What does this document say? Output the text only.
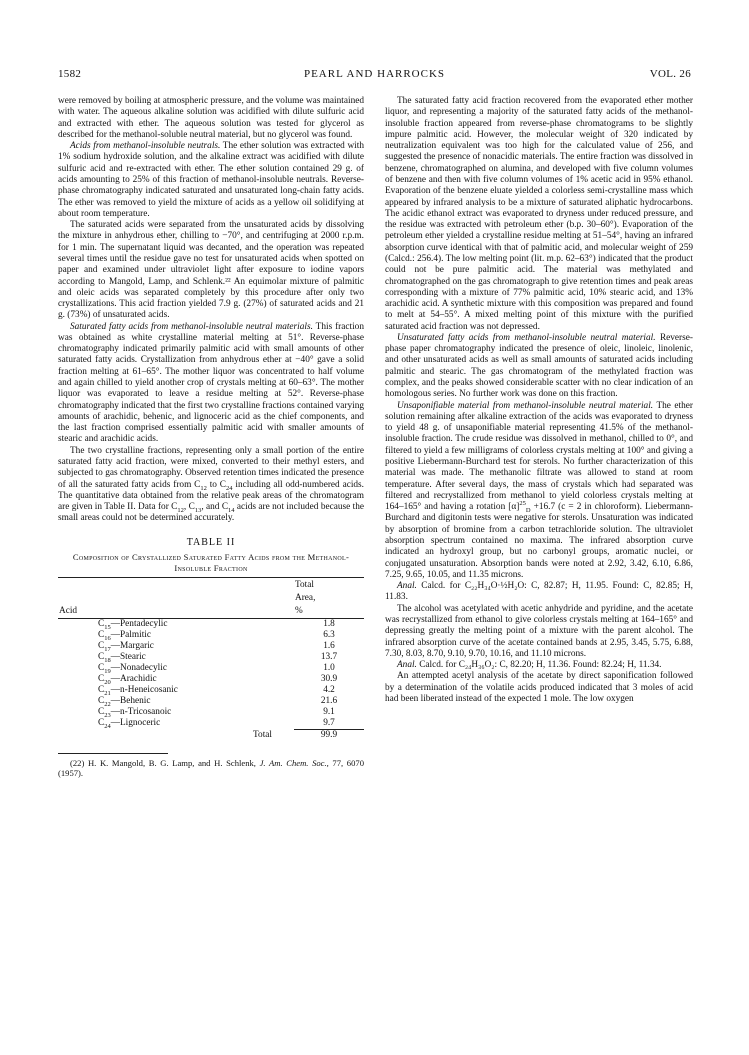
1582	PEARL AND HARROCKS	VOL. 26

were removed by boiling at atmospheric pressure, and the volume was maintained with water. The aqueous alkaline solution was acidified with dilute sulfuric acid and extracted with ether. The aqueous solution was tested for glycerol as described for the methanol-soluble neutral material, but no glycerol was found.

Acids from methanol-insoluble neutrals. The ether solution was extracted with 1% sodium hydroxide solution, and the alkaline extract was acidified with dilute sulfuric acid and re-extracted with ether. The ether solution contained 29 g. of acids amounting to 25% of this fraction of methanol-insoluble neutrals. Reverse-phase chromatography indicated saturated and unsaturated long-chain fatty acids. The ether was removed to yield the mixture of acids as a yellow oil solidifying at about room temperature.

The saturated acids were separated from the unsaturated acids by dissolving the mixture in anhydrous ether, chilling to −70°, and centrifuging at 2000 r.p.m. for 1 min. The supernatant liquid was decanted, and the operation was repeated several times until the residue gave no test for unsaturated acids when spotted on paper and examined under ultraviolet light after exposure to iodine vapors according to Mangold, Lamp, and Schlenk.²² An equimolar mixture of palmitic and oleic acids was separated completely by this procedure after only two crystallizations. This acid fraction yielded 7.9 g. (27%) of saturated acids and 21 g. (73%) of unsaturated acids.

Saturated fatty acids from methanol-insoluble neutral materials. This fraction was obtained as white crystalline material melting at 51°. Reverse-phase chromatography indicated primarily palmitic acid with small amounts of other saturated fatty acids. Crystallization from anhydrous ether at −40° gave a solid fraction melting at 61–65°. The mother liquor was concentrated to half volume and again chilled to yield another crop of crystals melting at 60–63°. The mother liquor was evaporated to leave a residue melting at 52°. Reverse-phase chromatography indicated that the first two crystalline fractions contained varying amounts of arachidic, behenic, and lignoceric acid as the chief components, and the last fraction comprised essentially palmitic acid with smaller amounts of stearic and arachidic acids.

The two crystalline fractions, representing only a small portion of the entire saturated fatty acid fraction, were mixed, converted to their methyl esters, and subjected to gas chromatography. Observed retention times indicated the presence of all the saturated fatty acids from $C_{12}$ to $C_{24}$ including all odd-numbered acids. The quantitative data obtained from the relative peak areas of the chromatogram are given in Table II. Data for $C_{12}$, $C_{13}$, and $C_{14}$ acids are not included because the small areas could not be determined accurately.

TABLE II
Composition of Crystallized Saturated Fatty Acids from the Methanol-Insoluble Fraction
	Total
	Area,
Acid	%
$C_{15}—Pentadecylic$	1.8
$C_{16}—Palmitic$	6.3
$C_{17}—Margaric$	1.6
$C_{18}—Stearic$	13.7
$C_{19}—Nonadecylic$	1.0
$C_{20}—Arachidic$	30.9
$C_{21}—n$-Heneicosanic	4.2
$C_{22}—Behenic$	21.6
$C_{23}—n$-Tricosanoic	9.1
$C_{24}—Lignoceric$	9.7
Total	99.9
(22) H. K. Mangold, B. G. Lamp, and H. Schlenk, J. Am. Chem. Soc., 77, 6070 (1957).

The saturated fatty acid fraction recovered from the evaporated ether mother liquor, and representing a majority of the saturated fatty acids of the methanol-insoluble fraction appeared from reverse-phase chromatograms to be slightly impure palmitic acid. However, the molecular weight of 320 indicated by neutralization equivalent was too high for the calculated value of 256, and suggested the presence of nonacidic materials. The entire fraction was dissolved in benzene, chromatographed on alumina, and developed with five column volumes of benzene and then with five column volumes of 1% acetic acid in 95% ethanol. Evaporation of the benzene eluate yielded a colorless semi-crystalline mass which appeared by infrared analysis to be a mixture of saturated aliphatic hydrocarbons. The acidic ethanol extract was evaporated to dryness under reduced pressure, and the residue was extracted with petroleum ether (b.p. 30–60°). Evaporation of the petroleum ether yielded a crystalline residue melting at 51–54°, having an infrared absorption curve identical with that of palmitic acid, and molecular weight of 259 (Calcd.: 256.4). The low melting point (lit. m.p. 62–63°) indicated that the product could not be pure palmitic acid. The material was methylated and chromatographed on the gas chromatograph to give retention times and peak areas corresponding with a mixture of 77% palmitic acid, 10% stearic acid, and 13% arachidic acid. A synthetic mixture with this composition was prepared and found to melt at 54–55°. A mixed melting point of this mixture with the purified saturated acid fraction was not depressed.

Unsaturated fatty acids from methanol-insoluble neutral material. Reverse-phase paper chromatography indicated the presence of oleic, linoleic, linolenic, and other unsaturated acids as well as small amounts of saturated acids including palmitic and stearic. The gas chromatogram of the methylated fraction was complex, and the peaks showed considerable scatter with no clear indication of an homologous series. No further work was done on this fraction.

Unsaponifiable material from methanol-insoluble neutral material. The ether solution remaining after alkaline extraction of the acids was evaporated to dryness to yield 48 g. of unsaponifiable material representing 41.5% of the methanol-insoluble fraction. The crude residue was dissolved in methanol, chilled to 0°, and filtered to yield a few milligrams of colorless crystals melting at 100° and giving a positive Liebermann-Burchard test for sterols. No further characterization of this material was made. The methanolic filtrate was allowed to stand at room temperature. After several days, the mass of crystals which had separated was filtered and recrystallized from methanol to yield colorless crystals melting at 164–165° and having a rotation $[\alpha]^{25}_D +16.7$ (c = 2 in chloroform). Liebermann-Burchard and digitonin tests were negative for sterols. Unsaturation was indicated by absorption of bromine from a carbon tetrachloride solution. The ultraviolet absorption spectrum contained no maxima. The infrared absorption curve indicated an hydroxyl group, but no carbonyl groups, aromatic nuclei, or conjugated unsaturation. Absorption bands were noted at 2.92, 3.42, 6.10, 6.86, 7.25, 9.65, 10.05, and 11.35 microns.

Anal. Calcd. for C₂₂H₃₄O·½H₂O: C, 82.87; H, 11.95. Found: C, 82.85; H, 11.83.

The alcohol was acetylated with acetic anhydride and pyridine, and the acetate was recrystallized from ethanol to give colorless crystals melting at 164–165° and depressing greatly the melting point of a mixture with the parent alcohol. The infrared absorption curve of the acetate contained bands at 2.95, 3.45, 5.75, 6.88, 7.30, 8.03, 8.70, 9.10, 9.70, 10.16, and 11.10 microns.

Anal. Calcd. for C₂₄H₃₆O₂: C, 82.20; H, 11.36. Found: 82.24; H, 11.34.

An attempted acetyl analysis of the acetate by direct saponification followed by a determination of the volatile acids produced indicated that 3 moles of acid had been liberated instead of the expected 1 mole. The low oxygen
